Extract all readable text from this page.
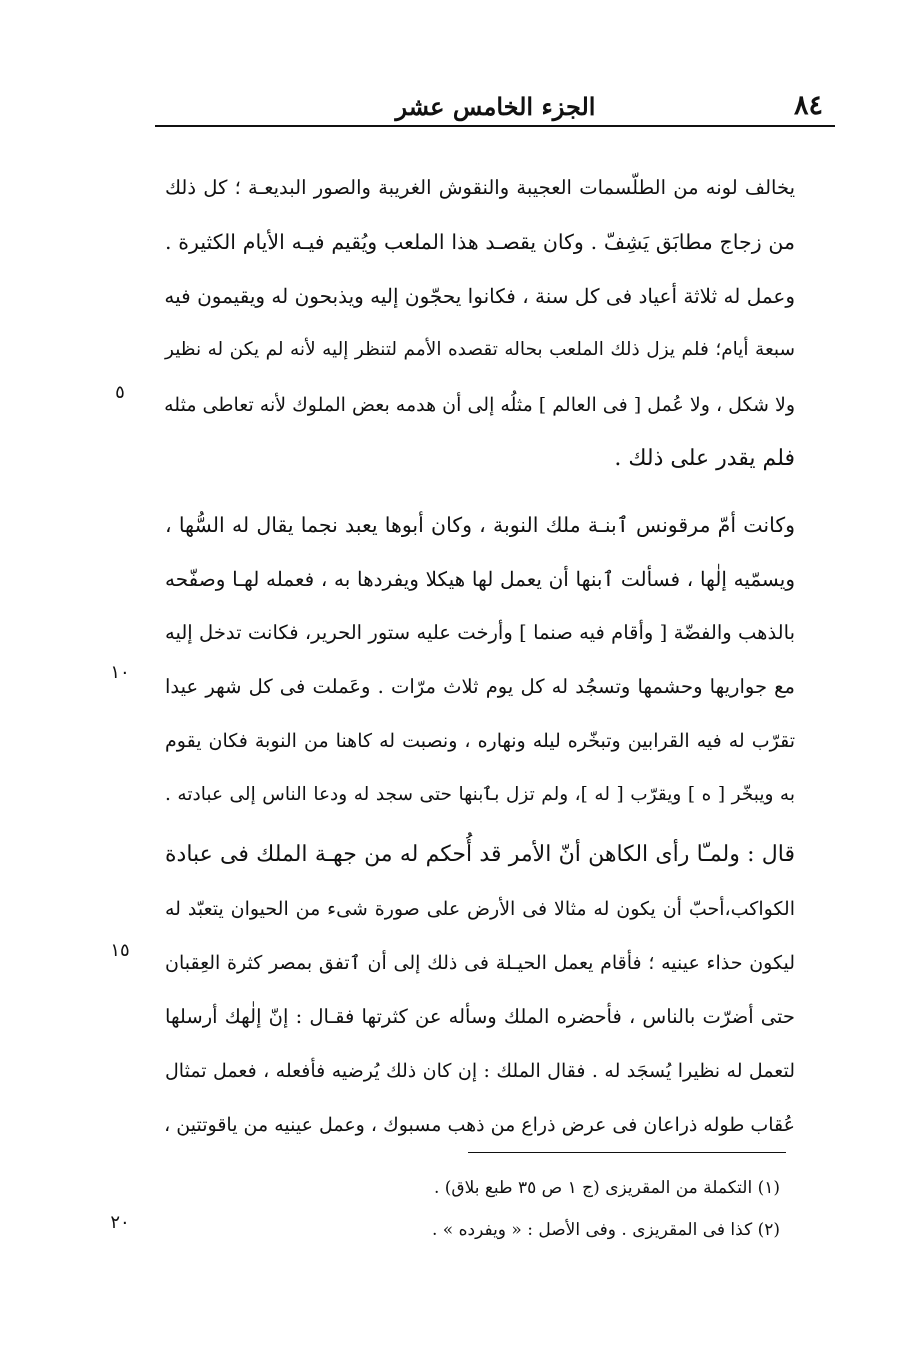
٨٤
الجزء الخامس عشر
يخالف لونه من الطلّسمات العجيبة والنقوش الغريبة والصور البديعـة ؛ كل ذلك
من زجاج مطابَق يَشِفّ . وكان يقصـد هذا الملعب ويُقيم فيـه الأيام الكثيرة .
وعمل له ثلاثة أعياد فى كل سنة ، فكانوا يحجّون إليه ويذبحون له ويقيمون فيه
سبعة أيام؛ فلم يزل ذلك الملعب بحاله تقصده الأمم لتنظر إليه لأنه لم يكن له نظير
ولا شكل ، ولا عُمل [ فى العالم ] مثلُه إلى أن هدمه بعض الملوك لأنه تعاطى مثله
فلم يقدر على ذلك .
وكانت أمّ مرقونس ٱبنـة ملك النوبة ، وكان أبوها يعبد نجما يقال له السُّها ،
ويسمّيه إلٰها ، فسألت ٱبنها أن يعمل لها هيكلا ويفردها به ، فعمله لهـا وصفّحه
بالذهب والفضّة [ وأقام فيه صنما ] وأرخت عليه ستور الحرير، فكانت تدخل إليه
مع جواريها وحشمها وتسجُد له كل يوم ثلاث مرّات . وعَملت فى كل شهر عيدا
تقرّب له فيه القرابين وتبخّره ليله ونهاره ، ونصبت له كاهنا من النوبة فكان يقوم
به ويبخّر [ ه ] ويقرّب [ له ]، ولم تزل بٱبنها حتى سجد له ودعا الناس إلى عبادته .
قال : ولمـّا رأى الكاهن أنّ الأمر قد أُحكم له من جهـة الملك فى عبادة
الكواكب،أحبّ أن يكون له مثالا فى الأرض على صورة شىء من الحيوان يتعبّد له
ليكون حذاء عينيه ؛ فأقام يعمل الحيـلة فى ذلك إلى أن ٱتفق بمصر كثرة العِقبان
حتى أضرّت بالناس ، فأحضره الملك وسأله عن كثرتها فقـال : إنّ إلٰهك أرسلها
لتعمل له نظيرا يُسجَد له . فقال الملك : إن كان ذلك يُرضيه فأفعله ، فعمل تمثال
عُقاب طوله ذراعان فى عرض ذراع من ذهب مسبوك ، وعمل عينيه من ياقوتتين ،
٥
١٠
١٥
٢٠
(١) التكملة من المقريزى (ج ١ ص ٣٥ طبع بلاق) .
(٢) كذا فى المقريزى . وفى الأصل : « ويفرده » .
